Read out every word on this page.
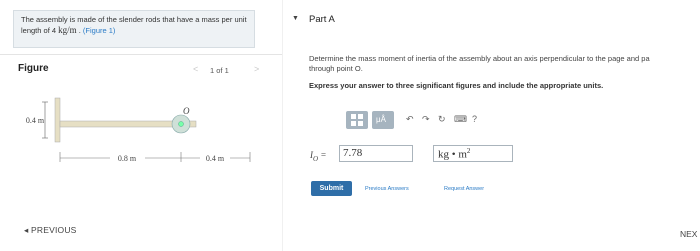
The assembly is made of the slender rods that have a mass per unit length of 4 kg/m . (Figure 1)
Figure	< 1 of 1	>
0.4 m
0.8 m	0.4 m
O
◂ PREVIOUS
▼ Part A
Determine the mass moment of inertia of the assembly about an axis perpendicular to the page and pa
through point O.
Express your answer to three significant figures and include the appropriate units.
μÅ ↶ ↷ ↻ ⌨ ?
$I_O$ =	7.78	kg • $m^2$
Submit	Previous Answers	Request Answer
NEX
